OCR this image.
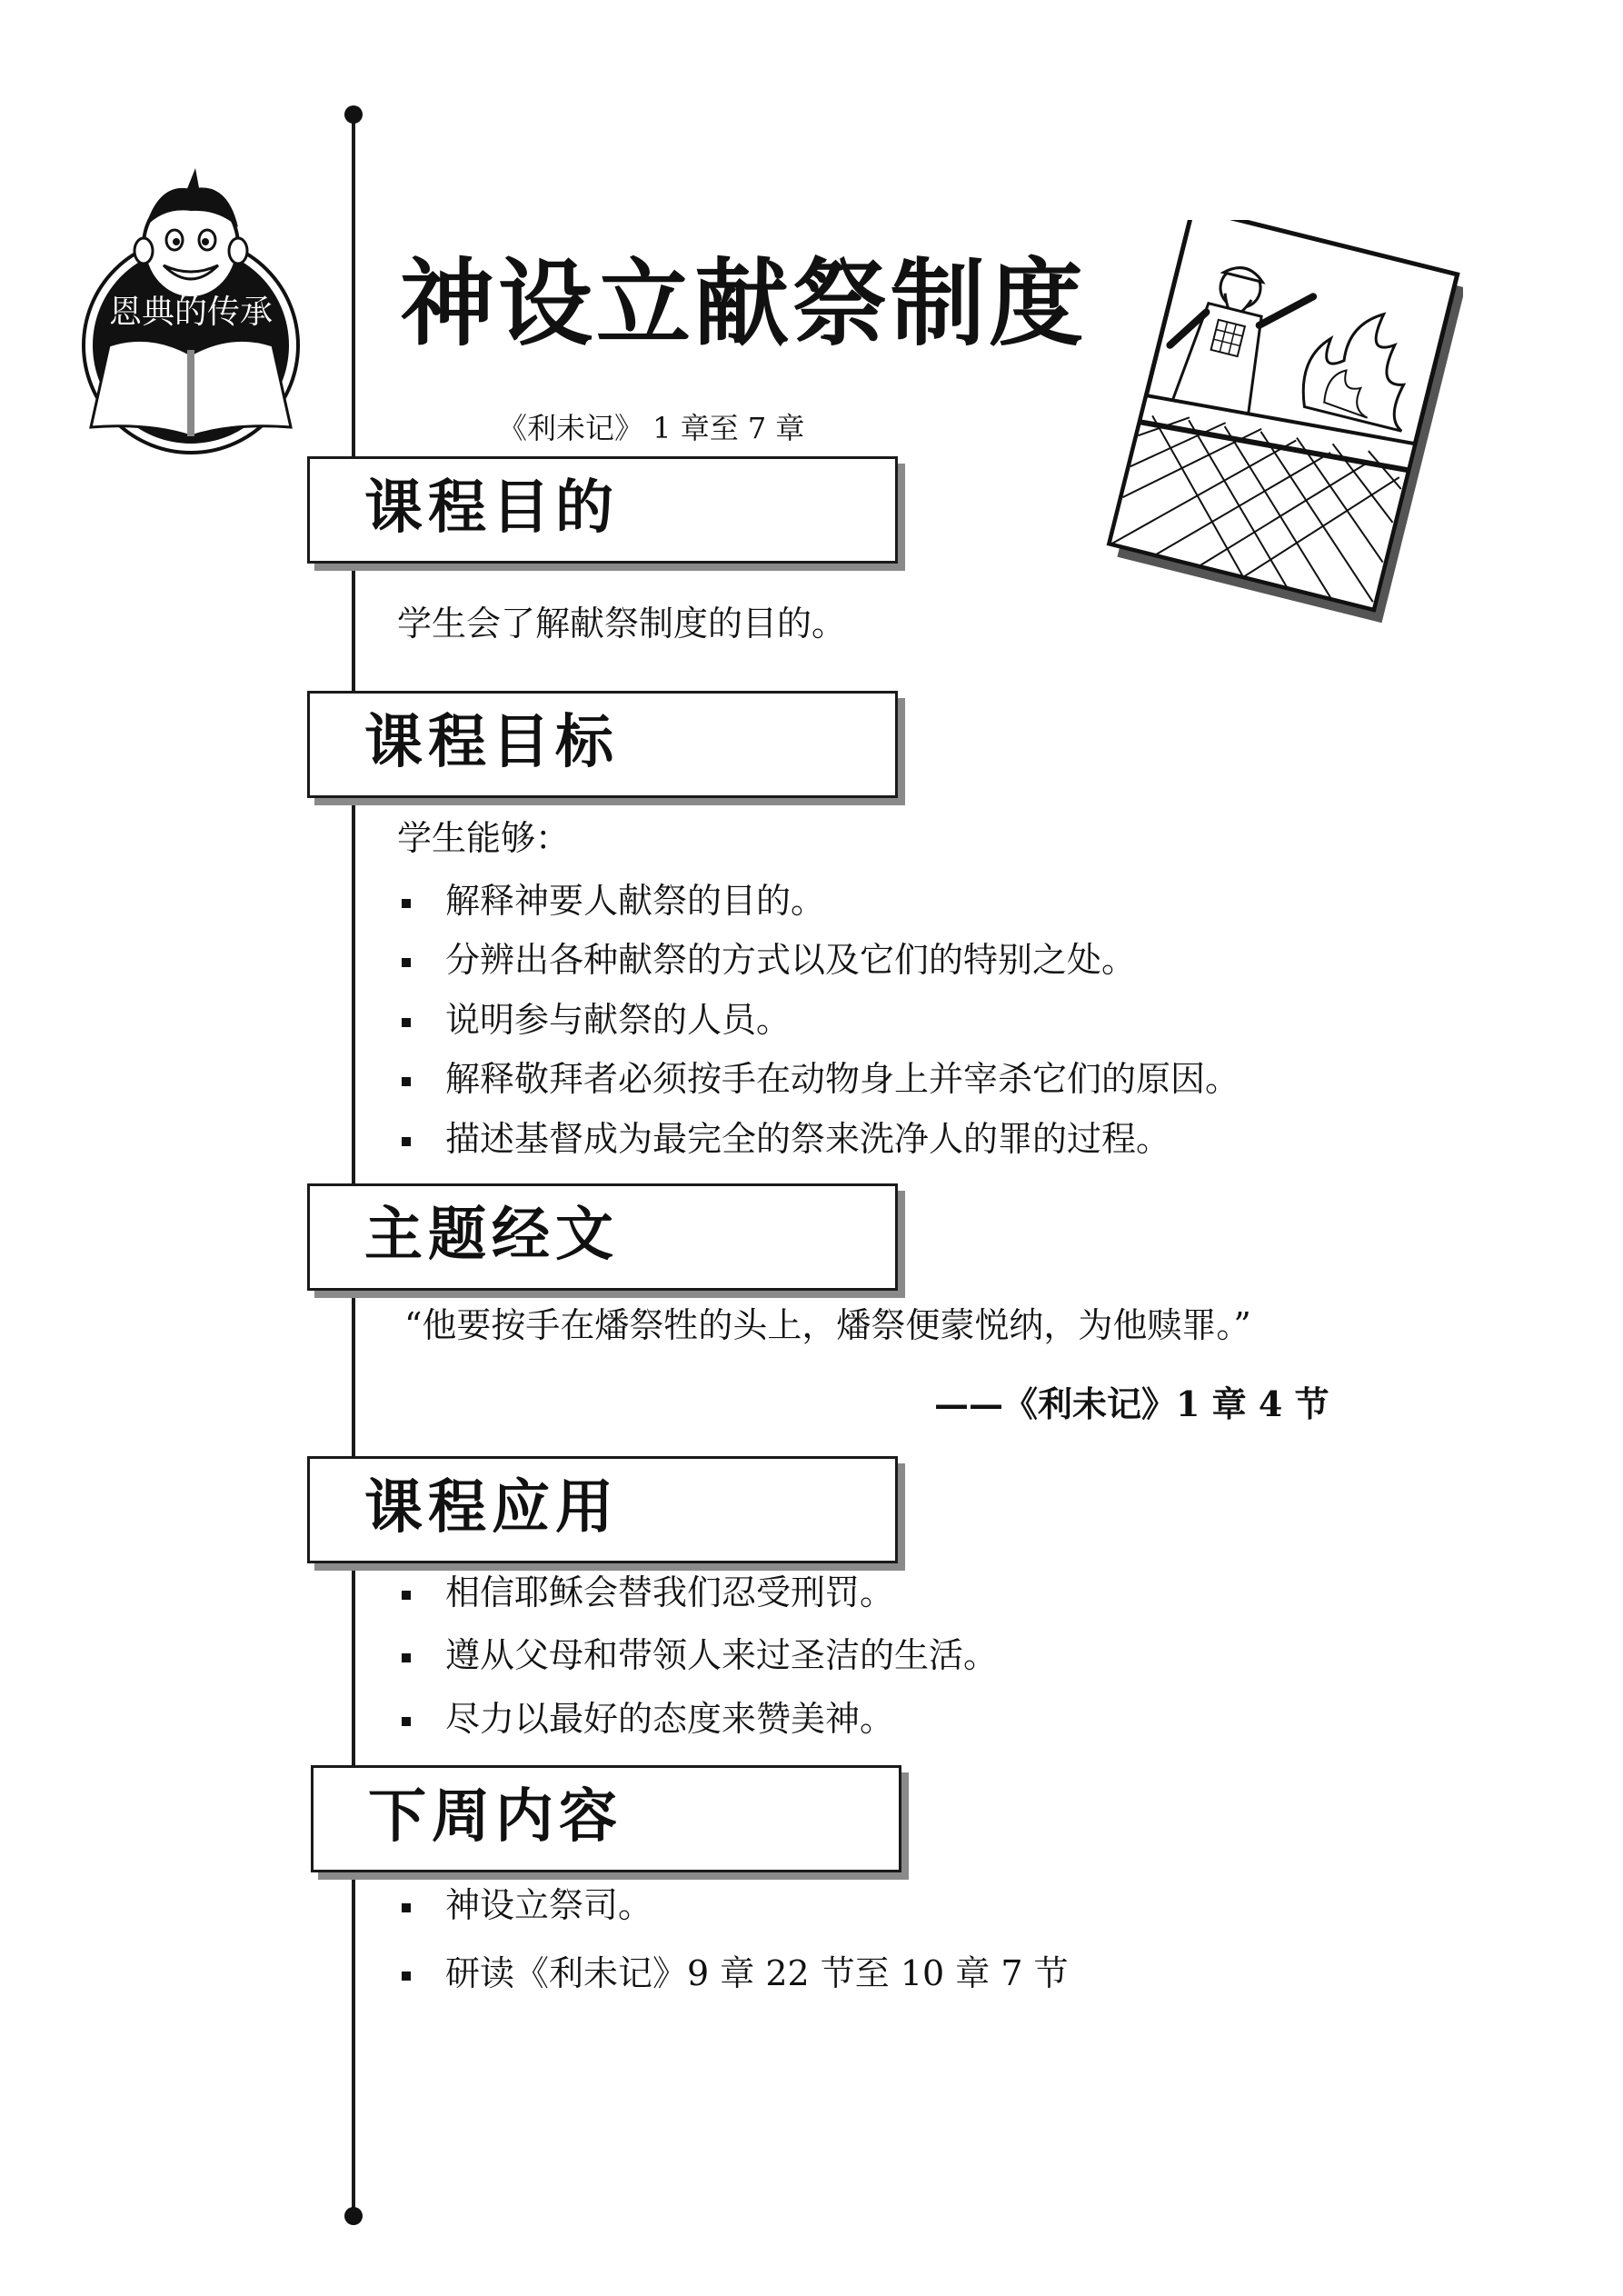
恩典的传承	神设立献祭制度
《利未记》 1 章至 7 章
课程目的
学生会了解献祭制度的目的。
课程目标
学生能够：
解释神要人献祭的目的。
分辨出各种献祭的方式以及它们的特别之处。
说明参与献祭的人员。
解释敬拜者必须按手在动物身上并宰杀它们的原因。
描述基督成为最完全的祭来洗净人的罪的过程。
主题经文
“他要按手在燔祭牲的头上，燔祭便蒙悦纳，为他赎罪。”
——《利未记》1 章 4 节
课程应用
相信耶稣会替我们忍受刑罚。
遵从父母和带领人来过圣洁的生活。
尽力以最好的态度来赞美神。
下周内容
神设立祭司。
研读《利未记》9 章 22 节至 10 章 7 节
